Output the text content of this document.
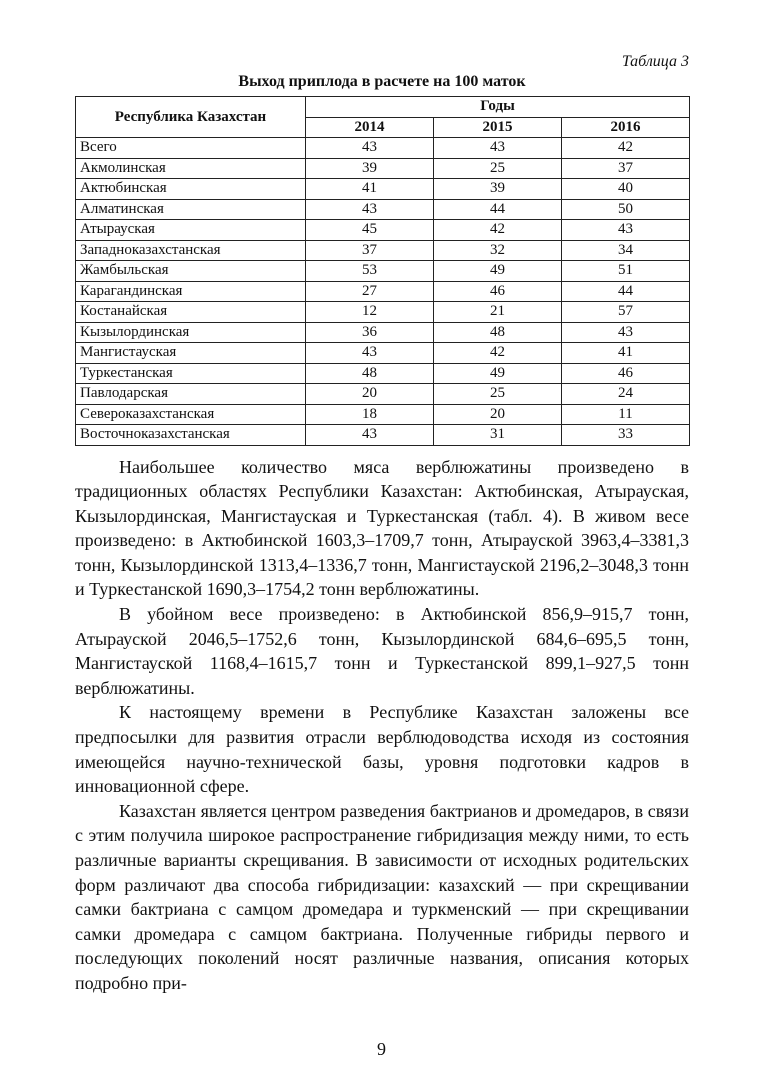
Таблица 3
Выход приплода в расчете на 100 маток
Республика Казахстан	Годы		
	2014	2015	2016
Всего	43	43	42
Акмолинская	39	25	37
Актюбинская	41	39	40
Алматинская	43	44	50
Атырауская	45	42	43
Западноказахстанская	37	32	34
Жамбыльская	53	49	51
Карагандинская	27	46	44
Костанайская	12	21	57
Кызылординская	36	48	43
Мангистауская	43	42	41
Туркестанская	48	49	46
Павлодарская	20	25	24
Североказахстанская	18	20	11
Восточноказахстанская	43	31	33

Наибольшее количество мяса верблюжатины произведено в традиционных областях Республики Казахстан: Актюбинская, Атырауская, Кызылординская, Мангистауская и Туркестанская (табл. 4). В живом весе произведено: в Актюбинской 1603,3–1709,7 тонн, Атырауской 3963,4–3381,3 тонн, Кызылординской 1313,4–1336,7 тонн, Мангистауской 2196,2–3048,3 тонн и Туркестанской 1690,3–1754,2 тонн верблюжатины.

В убойном весе произведено: в Актюбинской 856,9–915,7 тонн, Атырауской 2046,5–1752,6 тонн, Кызылординской 684,6–695,5 тонн, Мангистауской 1168,4–1615,7 тонн и Туркестанской 899,1–927,5 тонн верблюжатины.

К настоящему времени в Республике Казахстан заложены все предпосылки для развития отрасли верблюдоводства исходя из состояния имеющейся научно-технической базы, уровня подготовки кадров в инновационной сфере.

Казахстан является центром разведения бактрианов и дромедаров, в связи с этим получила широкое распространение гибридизация между ними, то есть различные варианты скрещивания. В зависимости от исходных родительских форм различают два способа гибридизации: казахский — при скрещивании самки бактриана с самцом дромедара и туркменский — при скрещивании самки дромедара с самцом бактриана. Полученные гибриды первого и последующих поколений носят различные названия, описания которых подробно при-

9
